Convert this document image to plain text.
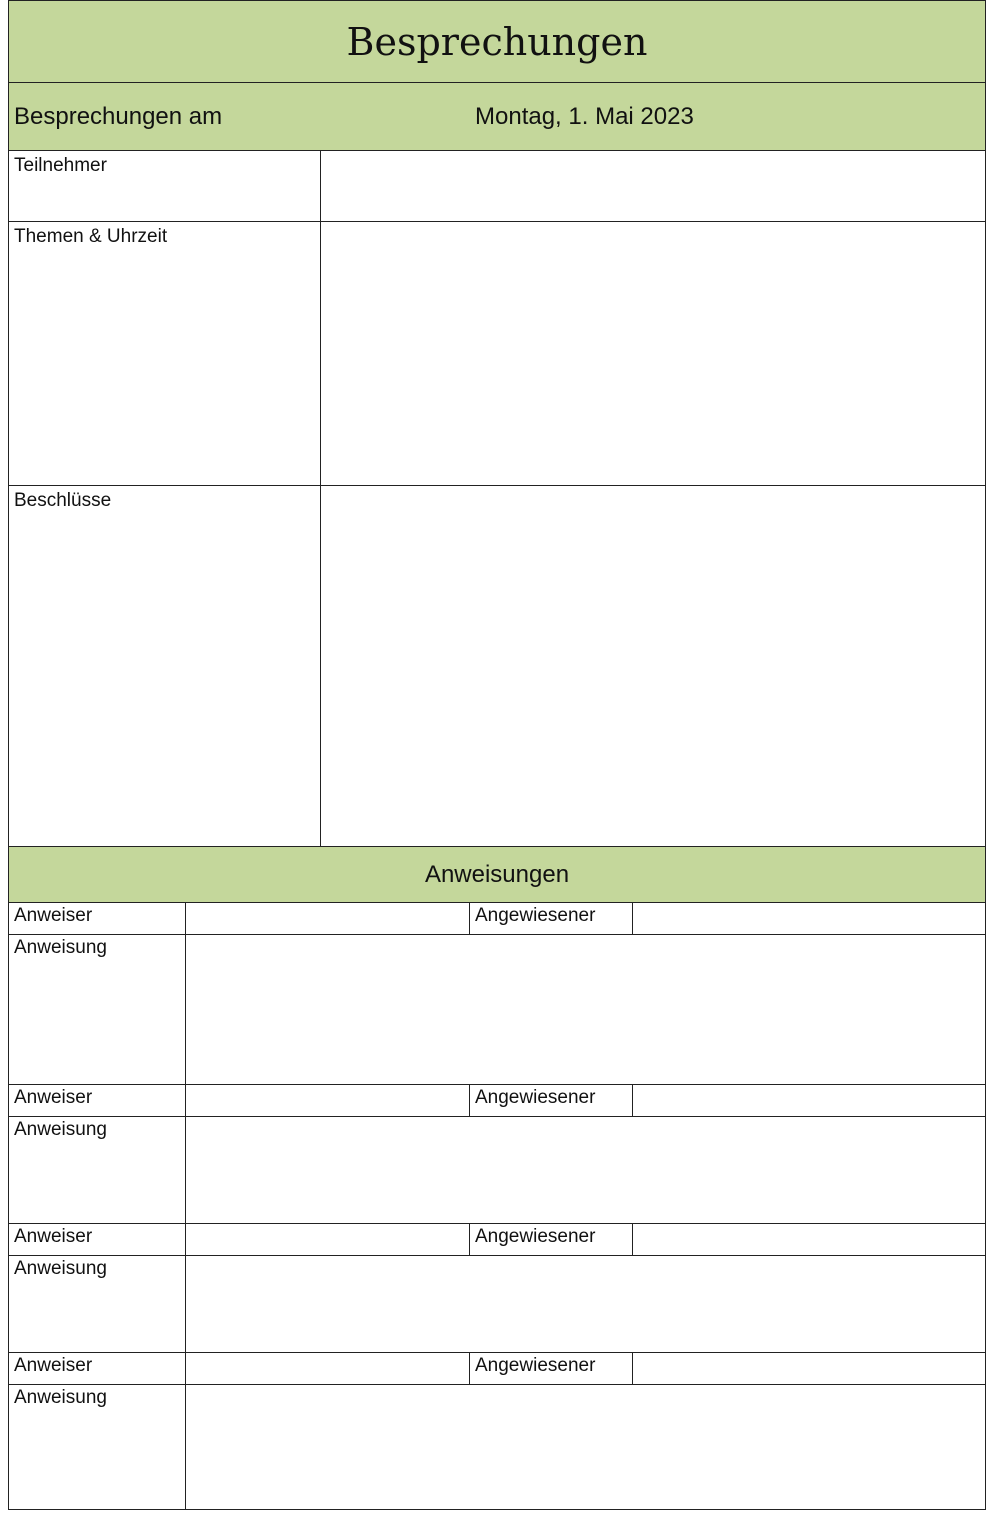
Besprechungen
Besprechungen am	Montag, 1. Mai 2023
Teilnehmer
Themen & Uhrzeit
Beschlüsse
Anweisungen
Anweiser	Angewiesener
Anweisung
Anweiser	Angewiesener
Anweisung
Anweiser	Angewiesener
Anweisung
Anweiser	Angewiesener
Anweisung
